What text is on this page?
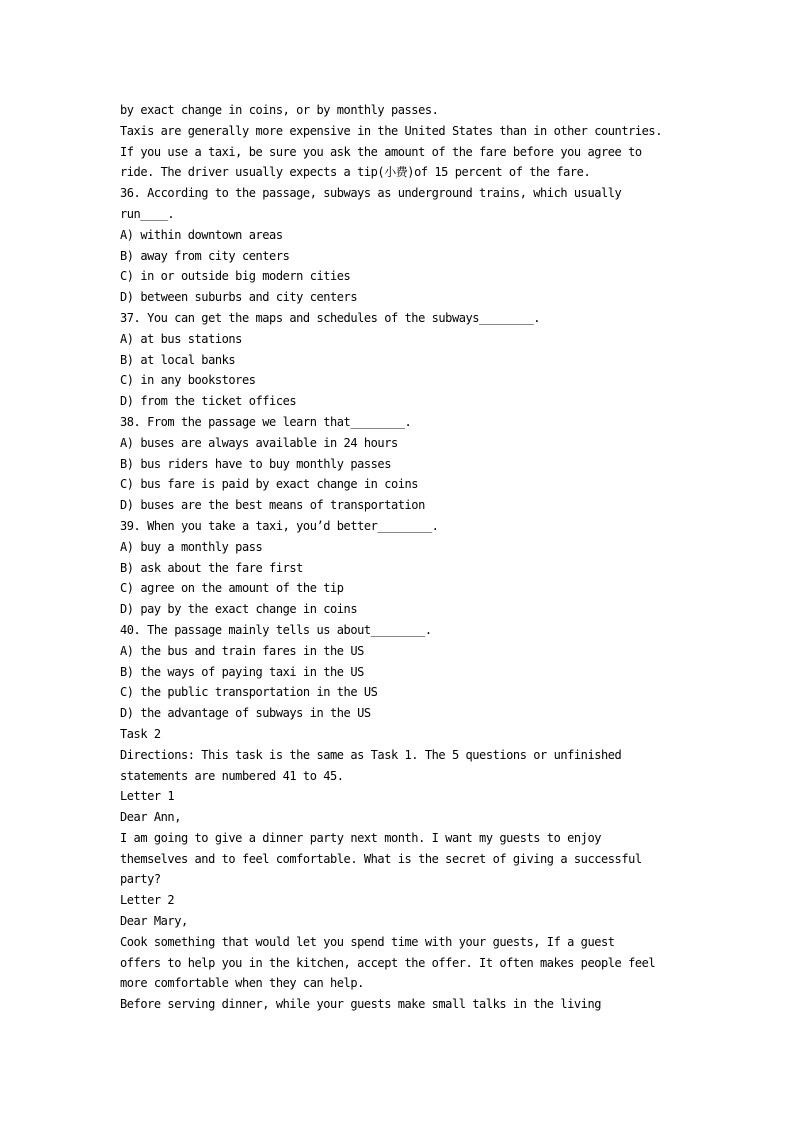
by exact change in coins, or by monthly passes.
Taxis are generally more expensive in the United States than in other countries.
If you use a taxi, be sure you ask the amount of the fare before you agree to
ride. The driver usually expects a tip(小费)of 15 percent of the fare.
36. According to the passage, subways as underground trains, which usually
run____.
A) within downtown areas
B) away from city centers
C) in or outside big modern cities
D) between suburbs and city centers
37. You can get the maps and schedules of the subways________.
A) at bus stations
B) at local banks
C) in any bookstores
D) from the ticket offices
38. From the passage we learn that________.
A) buses are always available in 24 hours
B) bus riders have to buy monthly passes
C) bus fare is paid by exact change in coins
D) buses are the best means of transportation
39. When you take a taxi, you’d better________.
A) buy a monthly pass
B) ask about the fare first
C) agree on the amount of the tip
D) pay by the exact change in coins
40. The passage mainly tells us about________.
A) the bus and train fares in the US
B) the ways of paying taxi in the US
C) the public transportation in the US
D) the advantage of subways in the US
Task 2
Directions: This task is the same as Task 1. The 5 questions or unfinished
statements are numbered 41 to 45.
Letter 1
Dear Ann,
I am going to give a dinner party next month. I want my guests to enjoy
themselves and to feel comfortable. What is the secret of giving a successful
party?
Letter 2
Dear Mary,
Cook something that would let you spend time with your guests, If a guest
offers to help you in the kitchen, accept the offer. It often makes people feel
more comfortable when they can help.
Before serving dinner, while your guests make small talks in the living
